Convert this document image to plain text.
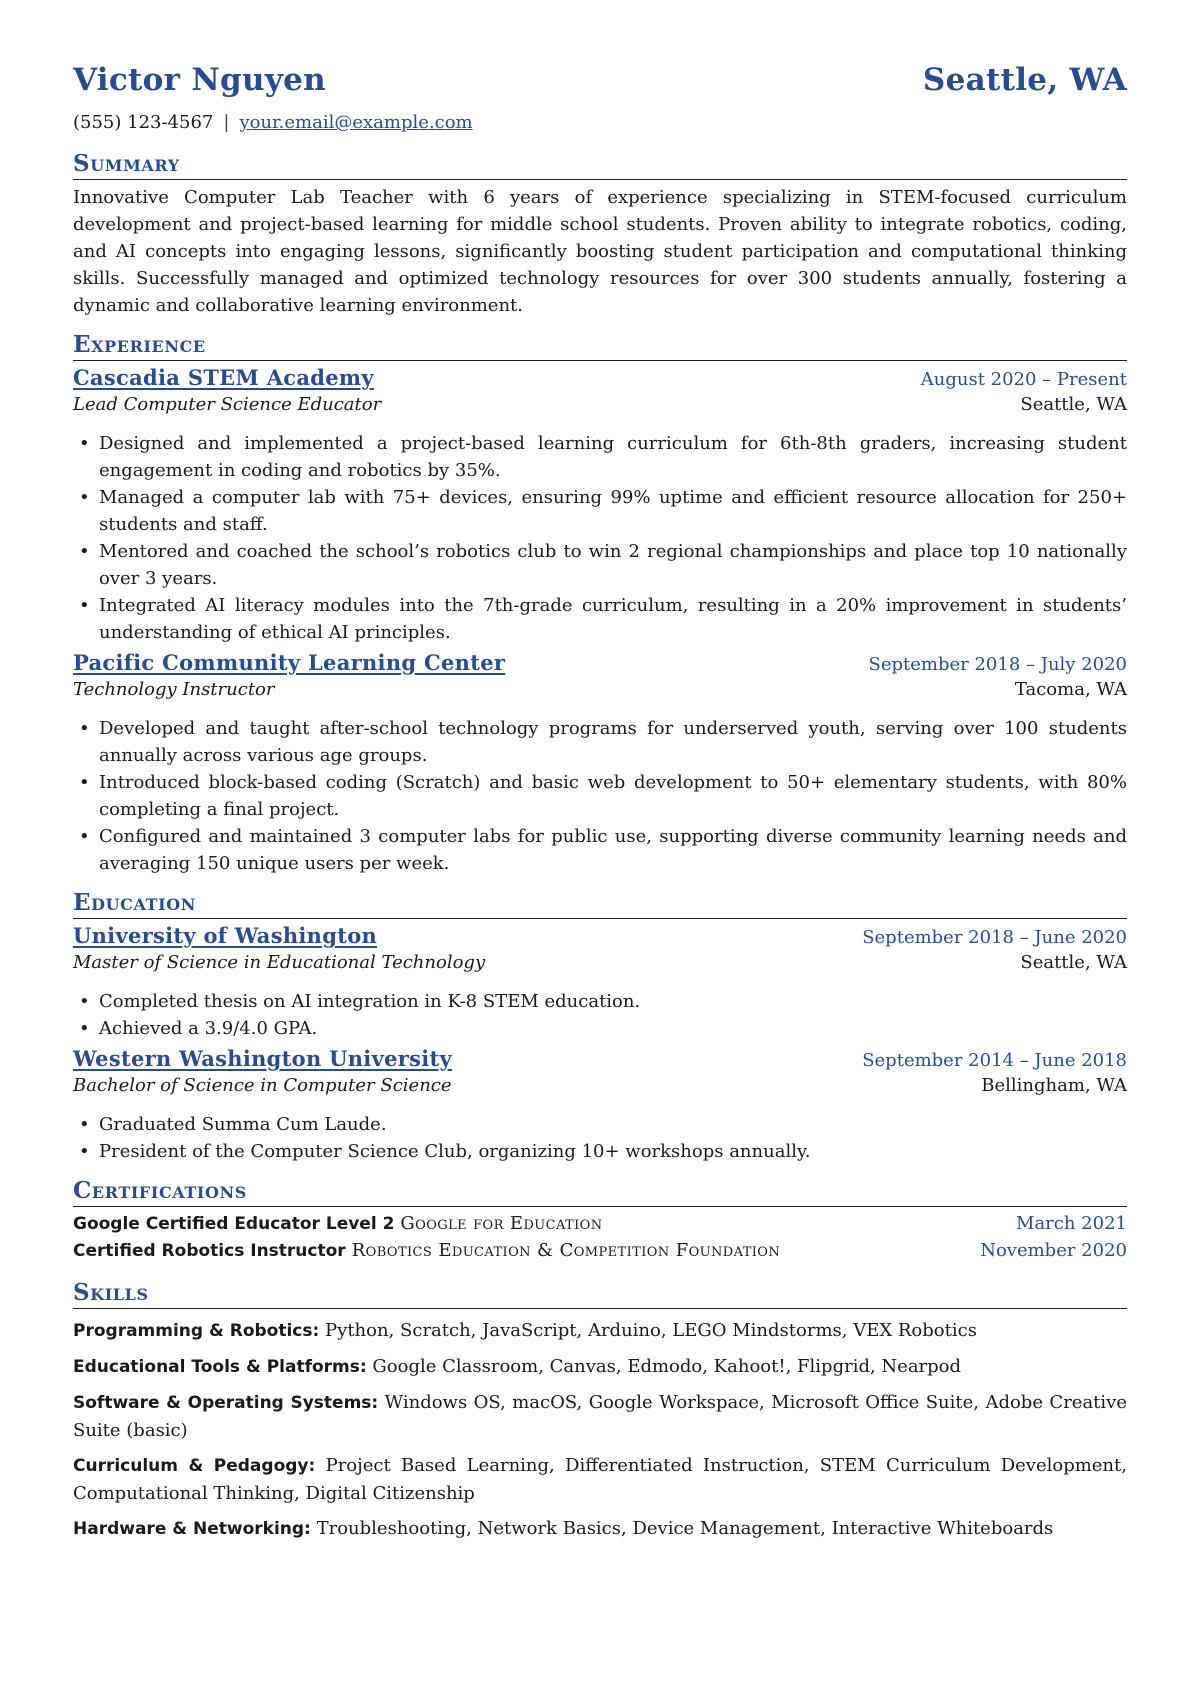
Victor Nguyen	Seattle, WA
(555) 123-4567 | your.email@example.com
Summary
Innovative Computer Lab Teacher with 6 years of experience specializing in STEM-focused curriculum development and project-based learning for middle school students. Proven ability to integrate robotics, coding, and AI concepts into engaging lessons, significantly boosting student participation and computational thinking skills. Successfully managed and optimized technology resources for over 300 students annually, fostering a dynamic and collaborative learning environment.
Experience
Cascadia STEM Academy	August 2020 – Present
Lead Computer Science Educator	Seattle, WA
• Designed and implemented a project-based learning curriculum for 6th-8th graders, increasing student engagement in coding and robotics by 35%.
• Managed a computer lab with 75+ devices, ensuring 99% uptime and efficient resource allocation for 250+ students and staff.
• Mentored and coached the school’s robotics club to win 2 regional championships and place top 10 nationally over 3 years.
• Integrated AI literacy modules into the 7th-grade curriculum, resulting in a 20% improvement in students’ understanding of ethical AI principles.
Pacific Community Learning Center	September 2018 – July 2020
Technology Instructor	Tacoma, WA
• Developed and taught after-school technology programs for underserved youth, serving over 100 students annually across various age groups.
• Introduced block-based coding (Scratch) and basic web development to 50+ elementary students, with 80% completing a final project.
• Configured and maintained 3 computer labs for public use, supporting diverse community learning needs and averaging 150 unique users per week.
Education
University of Washington	September 2018 – June 2020
Master of Science in Educational Technology	Seattle, WA
• Completed thesis on AI integration in K-8 STEM education.
• Achieved a 3.9/4.0 GPA.
Western Washington University	September 2014 – June 2018
Bachelor of Science in Computer Science	Bellingham, WA
• Graduated Summa Cum Laude.
• President of the Computer Science Club, organizing 10+ workshops annually.
Certifications
Google Certified Educator Level 2 Google for Education	March 2021
Certified Robotics Instructor Robotics Education & Competition Foundation	November 2020
Skills
Programming & Robotics: Python, Scratch, JavaScript, Arduino, LEGO Mindstorms, VEX Robotics
Educational Tools & Platforms: Google Classroom, Canvas, Edmodo, Kahoot!, Flipgrid, Nearpod
Software & Operating Systems: Windows OS, macOS, Google Workspace, Microsoft Office Suite, Adobe Creative Suite (basic)
Curriculum & Pedagogy: Project Based Learning, Differentiated Instruction, STEM Curriculum Development, Computational Thinking, Digital Citizenship
Hardware & Networking: Troubleshooting, Network Basics, Device Management, Interactive Whiteboards
